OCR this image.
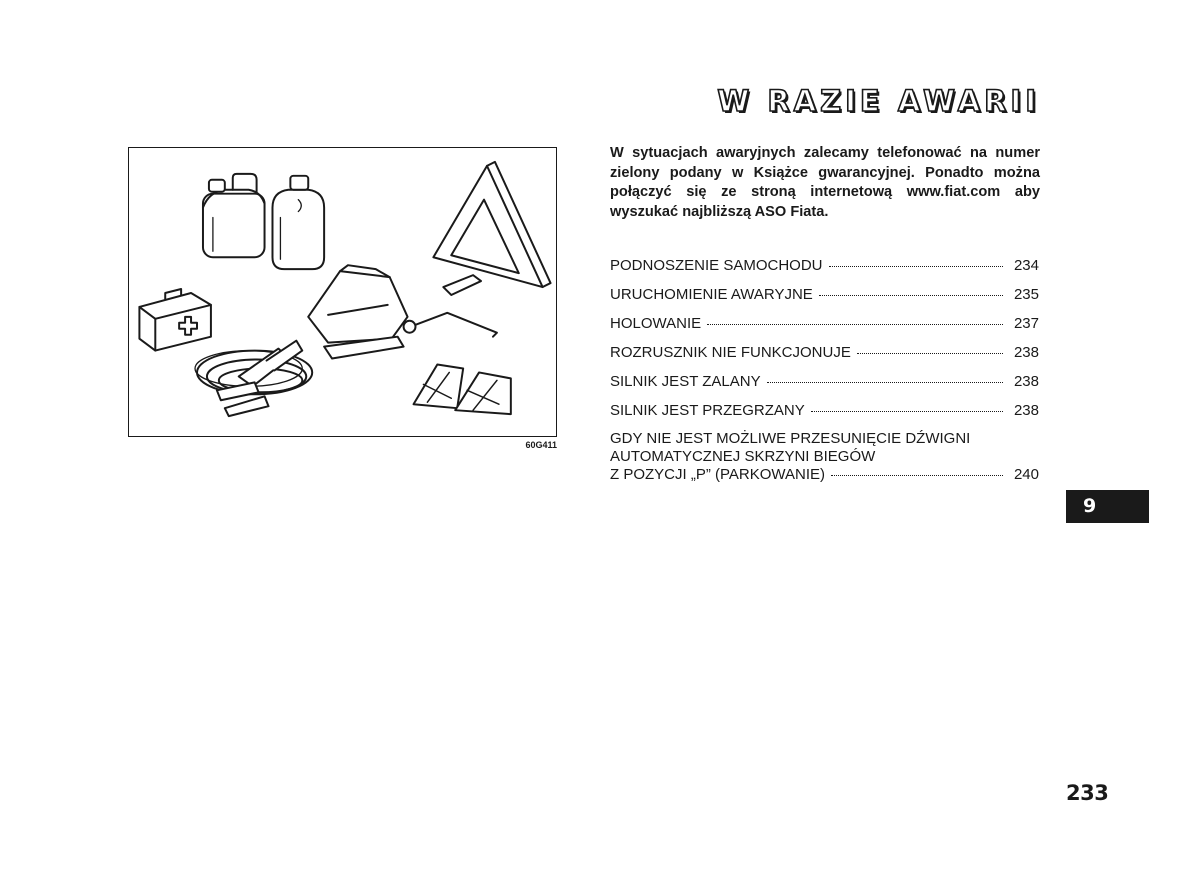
W RAZIE AWARII
60G411
W sytuacjach awaryjnych zalecamy telefonować na numer zielony podany w Książce gwarancyjnej. Ponadto można połączyć się ze stroną internetową www.fiat.com aby wyszukać najbliższą ASO Fiata.
PODNOSZENIE SAMOCHODU	234
URUCHOMIENIE AWARYJNE	235
HOLOWANIE	237
ROZRUSZNIK NIE FUNKCJONUJE	238
SILNIK JEST ZALANY	238
SILNIK JEST PRZEGRZANY	238
GDY NIE JEST MOŻLIWE PRZESUNIĘCIE DŹWIGNI
AUTOMATYCZNEJ SKRZYNI BIEGÓW
Z POZYCJI „P” (PARKOWANIE)	240
9
233
